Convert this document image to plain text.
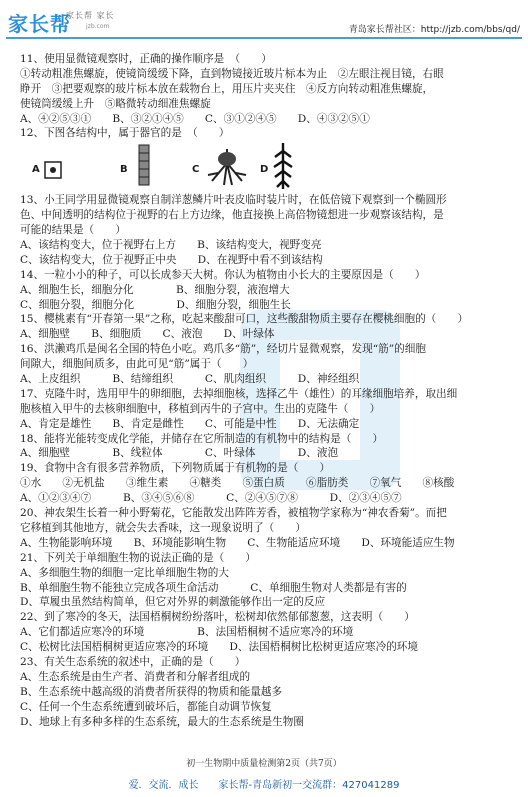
家长帮
家长帮 家长
jzb.com	青岛家长帮社区：http://jzb.com/bbs/qd/
11、使用显微镜观察时，正确的操作顺序是　（　　）
①转动粗准焦螺旋，使镜筒缓缓下降，直到物镜接近玻片标本为止　②左眼注视目镜，右眼
睁开　③把要观察的玻片标本放在载物台上，用压片夹夹住　④反方向转动粗准焦螺旋，
使镜筒缓缓上升　⑤略微转动细准焦螺旋
A、④②⑤③①　　B、③②①④⑤　　C、③①②④⑤　　D、④③②⑤①
12、下图各结构中，属于器官的是　（　　）
A	B	C	D
13、小王同学用显微镜观察自制洋葱鳞片叶表皮临时装片时，在低倍镜下观察到一个椭圆形
色、中间透明的结构位于视野的右上方边缘，他直接换上高倍物镜想进一步观察该结构，是
可能的结果是（　　）
A、该结构变大，位于视野右上方　　B、该结构变大，视野变亮
C、该结构变大，位于视野正中央　　D、在视野中看不到该结构
14、一粒小小的种子，可以长成参天大树。你认为植物由小长大的主要原因是（　　）
A、细胞生长，细胞分化　　　　B、细胞分裂，液泡增大
C、细胞分裂，细胞分化　　　　D、细胞分裂，细胞生长
15、樱桃素有“开春第一果”之称，吃起来酸甜可口，这些酸甜物质主要存在樱桃细胞的（　　）
A、细胞壁　　B、细胞质　　C、液泡　　D、叶绿体
16、洪濑鸡爪是闽名全国的特色小吃。鸡爪多“筋”，经切片显微观察，发现“筋”的细胞
间隙大，细胞间质多，由此可见“筋”属于（　　）
A、上皮组织　　　B、结缔组织　　　C、肌肉组织　　　D、神经组织
17、克隆牛时，选用甲牛的卵细胞，去掉细胞核，选择乙牛（雄性）的耳缘细胞培养，取出细
胞核植入甲牛的去核卵细胞中，移植到丙牛的子宫中。生出的克隆牛（　　）
A、肯定是雄性　　B、肯定是雌性　　C、可能是中性　　D、无法确定
18、能将光能转变成化学能，并储存在它所制造的有机物中的结构是（　　）
A、细胞壁　　　　B、线粒体　　　　C、叶绿体　　　　D、液泡
19、食物中含有很多营养物质，下列物质属于有机物的是（　　）
①水　　②无机盐　　③维生素　　④糖类　　⑤蛋白质　　⑥脂肪类　　⑦氧气　　⑧核酸
A、①②③④⑦　　　B、③④⑤⑥⑧　　　C、②④⑤⑦⑧　　　D、②③④⑤⑦
20、神农架生长着一种小野菊花，它能散发出阵阵芳香，被植物学家称为“神农香菊”。而把
它移植到其他地方，就会失去香味，这一现象说明了（　　）
A、生物能影响环境　　B、环境能影响生物　　C、生物能适应环境　　D、环境能适应生物
21、下列关于单细胞生物的说法正确的是（　　）
A、多细胞生物的细胞一定比单细胞生物的大
B、单细胞生物不能独立完成各项生命活动　　　C、单细胞生物对人类都是有害的
D、草履虫虽然结构简单，但它对外界的刺激能够作出一定的反应
22、到了寒冷的冬天，法国梧桐树纷纷落叶，松树却依然郁郁葱葱，这表明（　　）
A、它们都适应寒冷的环境　　　　　B、法国梧桐树不适应寒冷的环境
C、松树比法国梧桐树更适应寒冷的环境　　D、法国梧桐树比松树更适应寒冷的环境
23、有关生态系统的叙述中，正确的是（　　）
A、生态系统是由生产者、消费者和分解者组成的
B、生态系统中越高级的消费者所获得的物质和能量越多
C、任何一个生态系统遭到破坏后，都能自动调节恢复
D、地球上有多种多样的生态系统，最大的生态系统是生物圈
初一生物期中质量检测第2页（共7页）
爱．交流．成长　　家长帮-青岛新初一交流群：427041289
